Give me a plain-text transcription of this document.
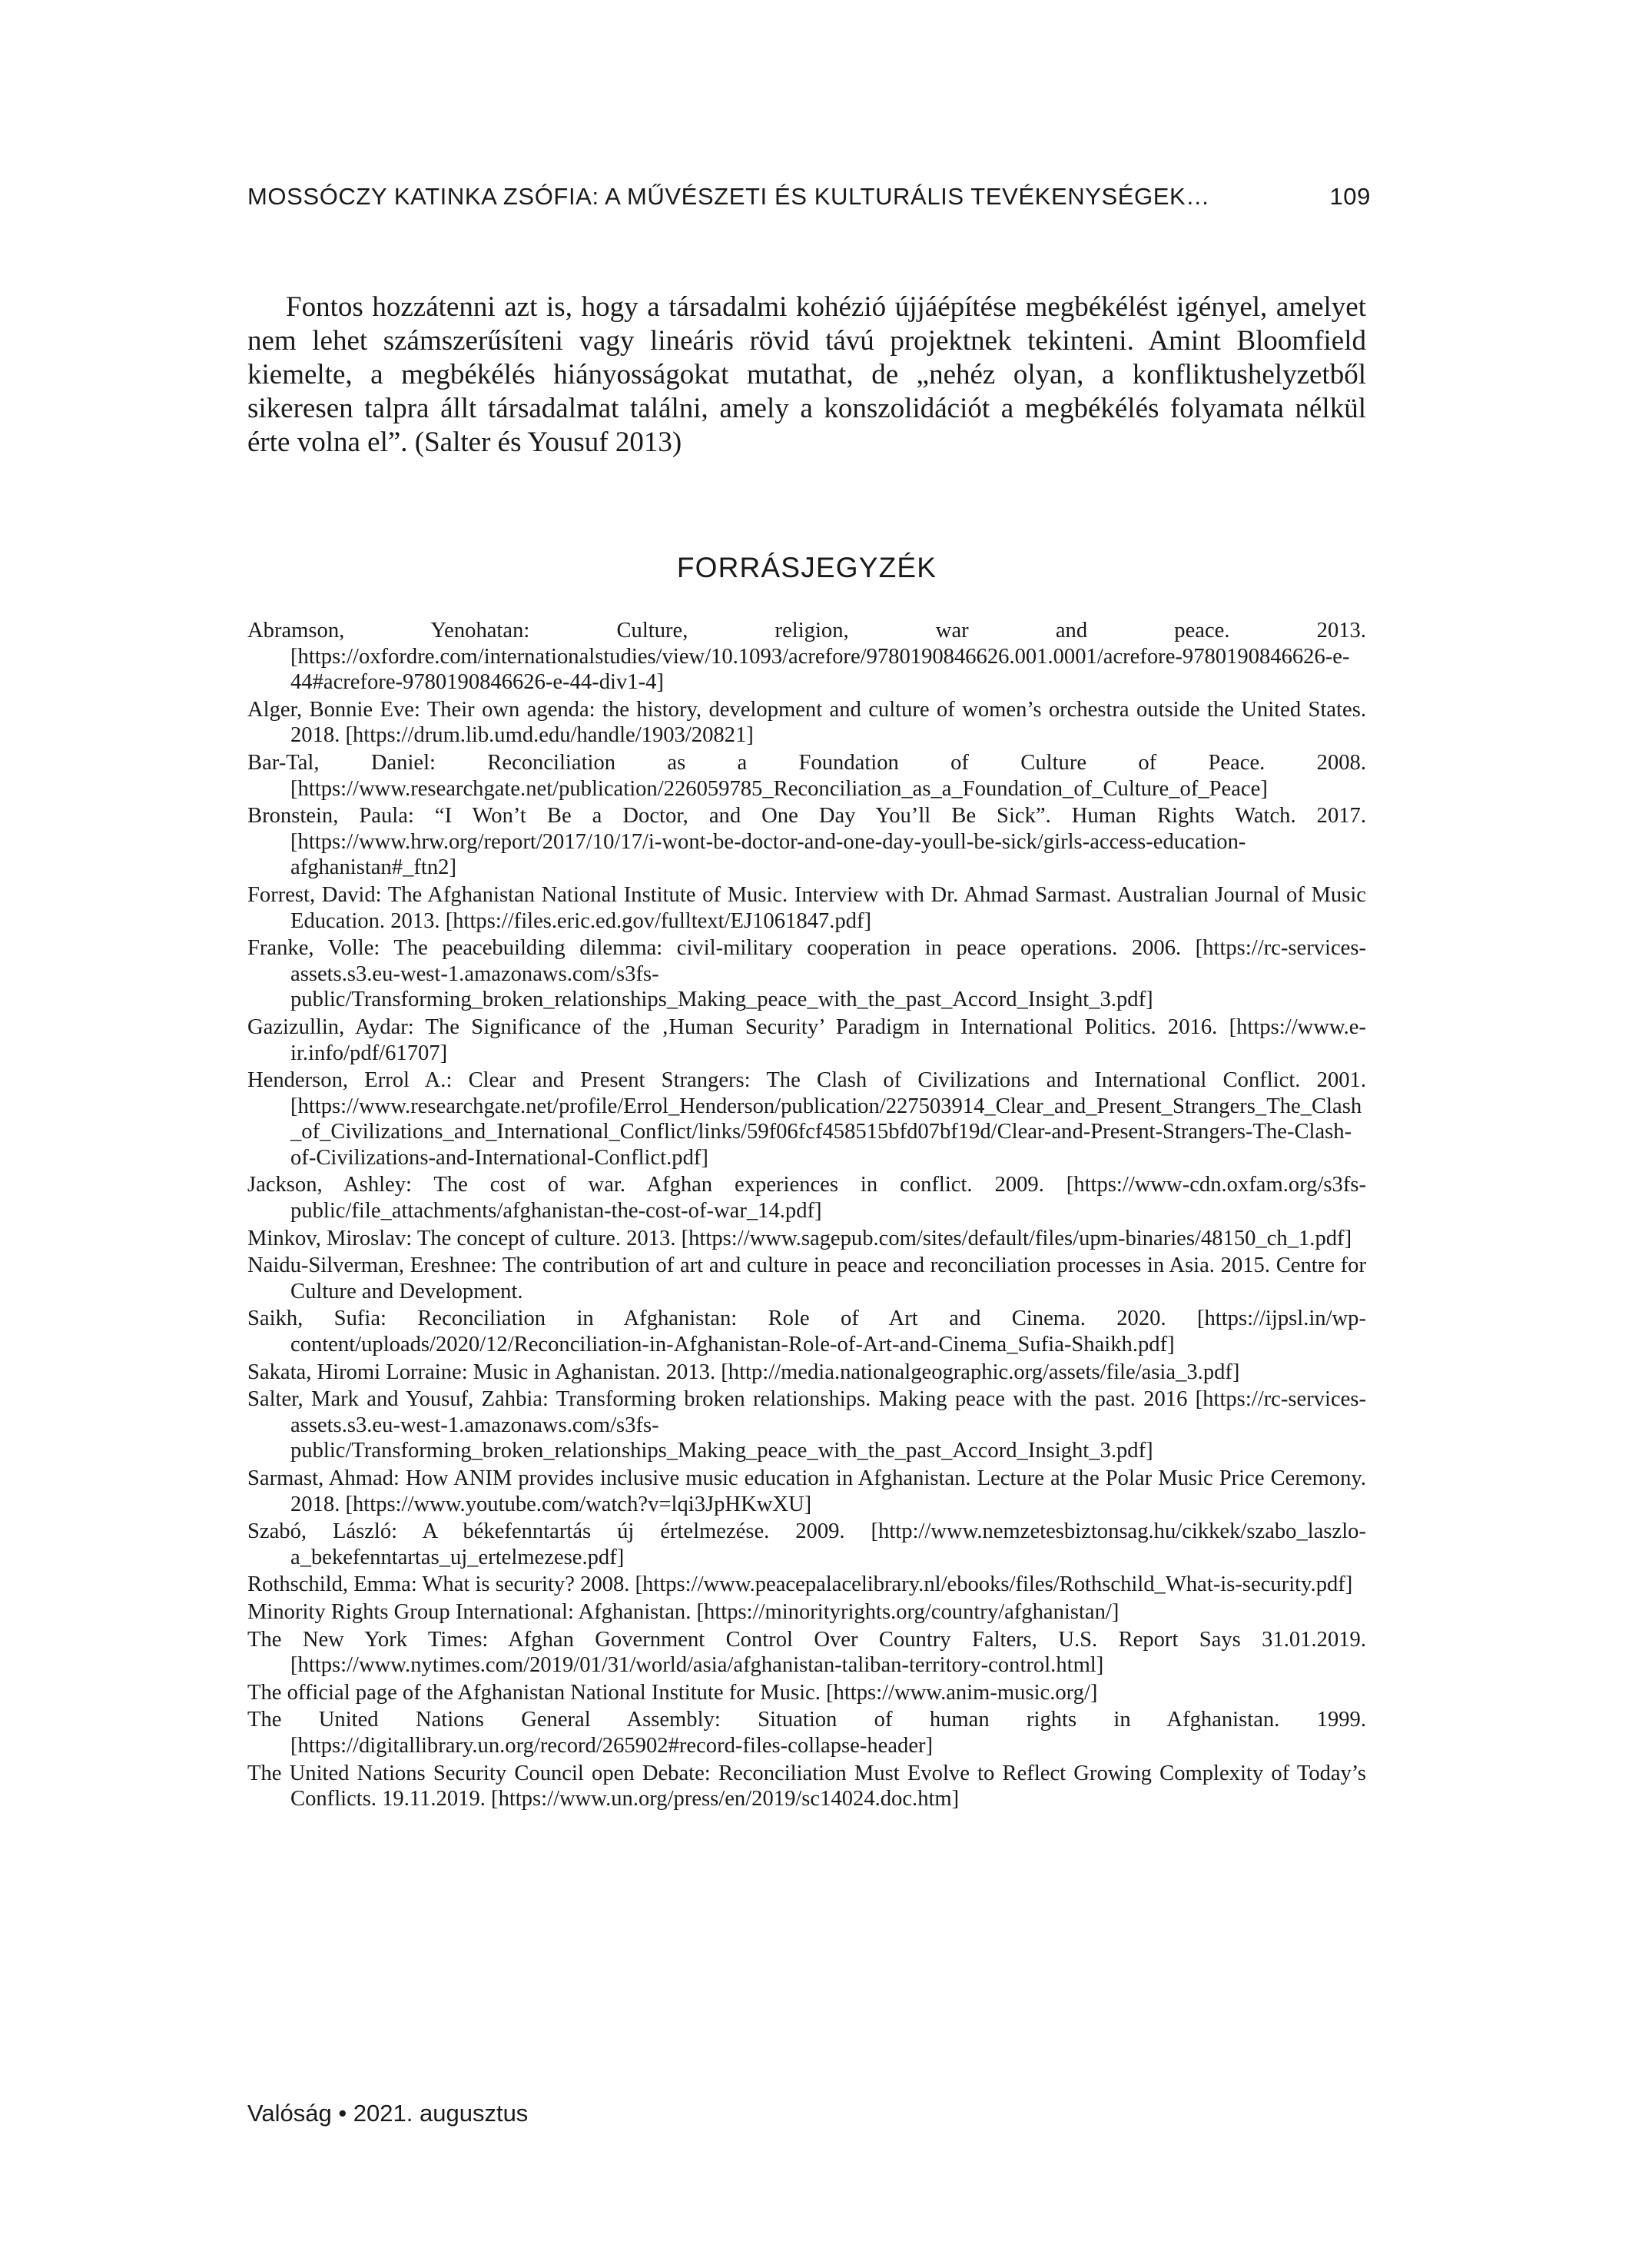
MOSSÓCZY KATINKA ZSÓFIA: A MŰVÉSZETI ÉS KULTURÁLIS TEVÉKENYSÉGEK…	109

Fontos hozzátenni azt is, hogy a társadalmi kohézió újjáépítése megbékélést igényel, amelyet nem lehet számszerűsíteni vagy lineáris rövid távú projektnek tekinteni. Amint Bloomfield kiemelte, a megbékélés hiányosságokat mutathat, de „nehéz olyan, a konfliktushelyzetből sikeresen talpra állt társadalmat találni, amely a konszolidációt a megbékélés folyamata nélkül érte volna el”. (Salter és Yousuf 2013)

FORRÁSJEGYZÉK
Abramson, Yenohatan: Culture, religion, war and peace. 2013. [https://oxfordre.com/internationalstudies/view/10.1093/acrefore/9780190846626.001.0001/acrefore-9780190846626-e-44#acrefore-9780190846626-e-44-div1-4]
Alger, Bonnie Eve: Their own agenda: the history, development and culture of women’s orchestra outside the United States. 2018. [https://drum.lib.umd.edu/handle/1903/20821]
Bar-Tal, Daniel: Reconciliation as a Foundation of Culture of Peace. 2008. [https://www.researchgate.net/publication/226059785_Reconciliation_as_a_Foundation_of_Culture_of_Peace]
Bronstein, Paula: “I Won’t Be a Doctor, and One Day You’ll Be Sick”. Human Rights Watch. 2017. [https://www.hrw.org/report/2017/10/17/i-wont-be-doctor-and-one-day-youll-be-sick/girls-access-education-afghanistan#_ftn2]
Forrest, David: The Afghanistan National Institute of Music. Interview with Dr. Ahmad Sarmast. Australian Journal of Music Education. 2013. [https://files.eric.ed.gov/fulltext/EJ1061847.pdf]
Franke, Volle: The peacebuilding dilemma: civil-military cooperation in peace operations. 2006. [https://rc-services-assets.s3.eu-west-1.amazonaws.com/s3fs-public/Transforming_broken_relationships_Making_peace_with_the_past_Accord_Insight_3.pdf]
Gazizullin, Aydar: The Significance of the ‚Human Security’ Paradigm in International Politics. 2016. [https://www.e-ir.info/pdf/61707]
Henderson, Errol A.: Clear and Present Strangers: The Clash of Civilizations and International Conflict. 2001. [https://www.researchgate.net/profile/Errol_Henderson/publication/227503914_Clear_and_Present_Strangers_The_Clash_of_Civilizations_and_International_Conflict/links/59f06fcf458515bfd07bf19d/Clear-and-Present-Strangers-The-Clash-of-Civilizations-and-International-Conflict.pdf]
Jackson, Ashley: The cost of war. Afghan experiences in conflict. 2009. [https://www-cdn.oxfam.org/s3fs-public/file_attachments/afghanistan-the-cost-of-war_14.pdf]
Minkov, Miroslav: The concept of culture. 2013. [https://www.sagepub.com/sites/default/files/upm-binaries/48150_ch_1.pdf]
Naidu-Silverman, Ereshnee: The contribution of art and culture in peace and reconciliation processes in Asia. 2015. Centre for Culture and Development.
Saikh, Sufia: Reconciliation in Afghanistan: Role of Art and Cinema. 2020. [https://ijpsl.in/wp-content/uploads/2020/12/Reconciliation-in-Afghanistan-Role-of-Art-and-Cinema_Sufia-Shaikh.pdf]
Sakata, Hiromi Lorraine: Music in Aghanistan. 2013. [http://media.nationalgeographic.org/assets/file/asia_3.pdf]
Salter, Mark and Yousuf, Zahbia: Transforming broken relationships. Making peace with the past. 2016 [https://rc-services-assets.s3.eu-west-1.amazonaws.com/s3fs-public/Transforming_broken_relationships_Making_peace_with_the_past_Accord_Insight_3.pdf]
Sarmast, Ahmad: How ANIM provides inclusive music education in Afghanistan. Lecture at the Polar Music Price Ceremony. 2018. [https://www.youtube.com/watch?v=lqi3JpHKwXU]
Szabó, László: A békefenntartás új értelmezése. 2009. [http://www.nemzetesbiztonsag.hu/cikkek/szabo_laszlo-a_bekefenntartas_uj_ertelmezese.pdf]
Rothschild, Emma: What is security? 2008. [https://www.peacepalacelibrary.nl/ebooks/files/Rothschild_What-is-security.pdf]
Minority Rights Group International: Afghanistan. [https://minorityrights.org/country/afghanistan/]
The New York Times: Afghan Government Control Over Country Falters, U.S. Report Says 31.01.2019. [https://www.nytimes.com/2019/01/31/world/asia/afghanistan-taliban-territory-control.html]
The official page of the Afghanistan National Institute for Music. [https://www.anim-music.org/]
The United Nations General Assembly: Situation of human rights in Afghanistan. 1999. [https://digitallibrary.un.org/record/265902#record-files-collapse-header]
The United Nations Security Council open Debate: Reconciliation Must Evolve to Reflect Growing Complexity of Today’s Conflicts. 19.11.2019. [https://www.un.org/press/en/2019/sc14024.doc.htm]
Valóság • 2021. augusztus
